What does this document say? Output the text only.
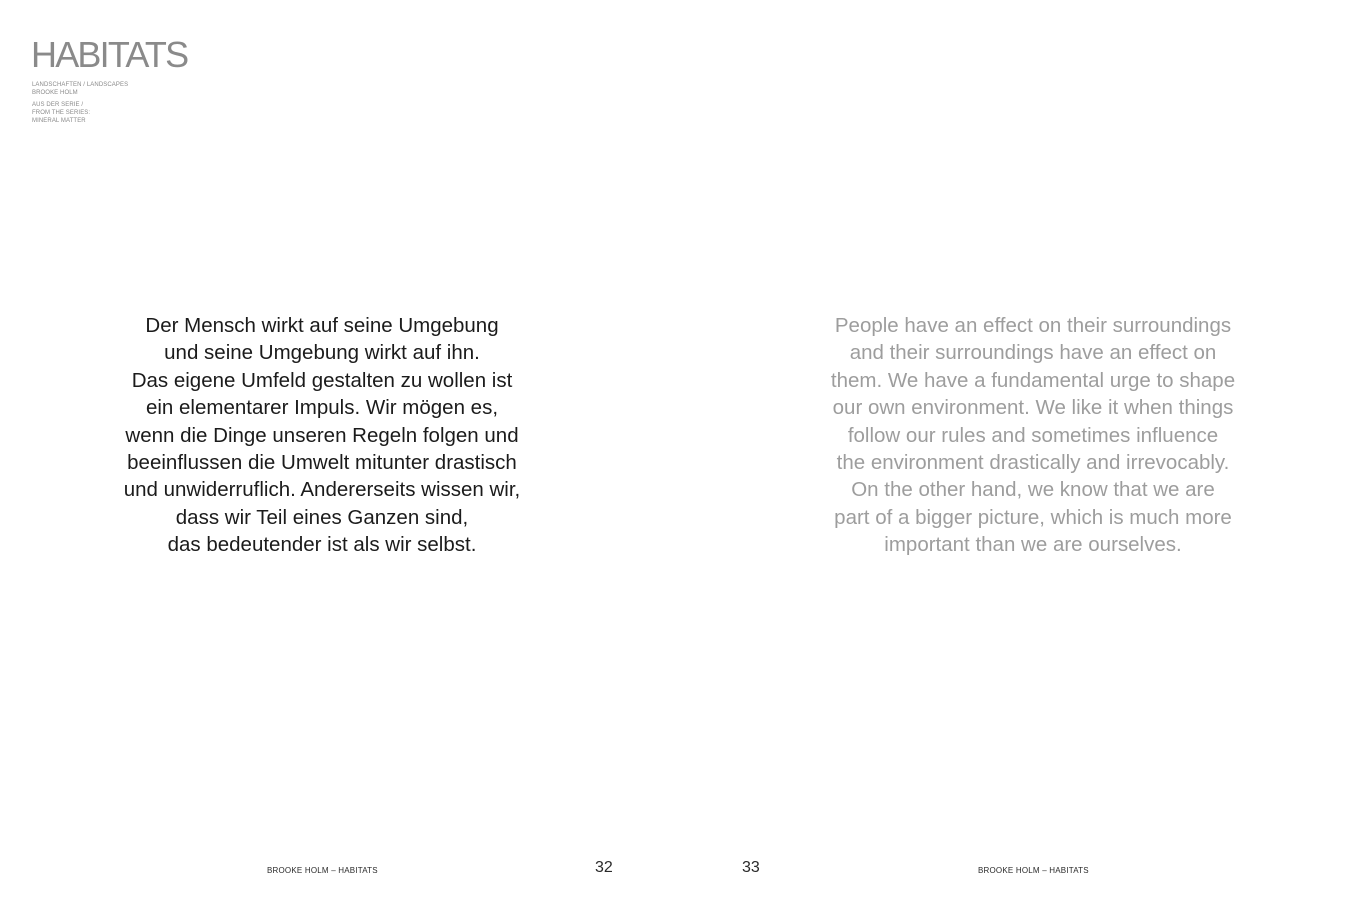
HABITATS
LANDSCHAFTEN / LANDSCAPES
BROOKE HOLM
AUS DER SERIE /
FROM THE SERIES:
MINERAL MATTER

Der Mensch wirkt auf seine Umgebung
und seine Umgebung wirkt auf ihn.
Das eigene Umfeld gestalten zu wollen ist
ein elementarer Impuls. Wir mögen es,
wenn die Dinge unseren Regeln folgen und
beeinflussen die Umwelt mitunter drastisch
und unwiderruflich. Andererseits wissen wir,
dass wir Teil eines Ganzen sind,
das bedeutender ist als wir selbst.

People have an effect on their surroundings
and their surroundings have an effect on
them. We have a fundamental urge to shape
our own environment. We like it when things
follow our rules and sometimes influence
the environment drastically and irrevocably.
On the other hand, we know that we are
part of a bigger picture, which is much more
important than we are ourselves.

BROOKE HOLM – HABITATS	32	33	BROOKE HOLM – HABITATS
